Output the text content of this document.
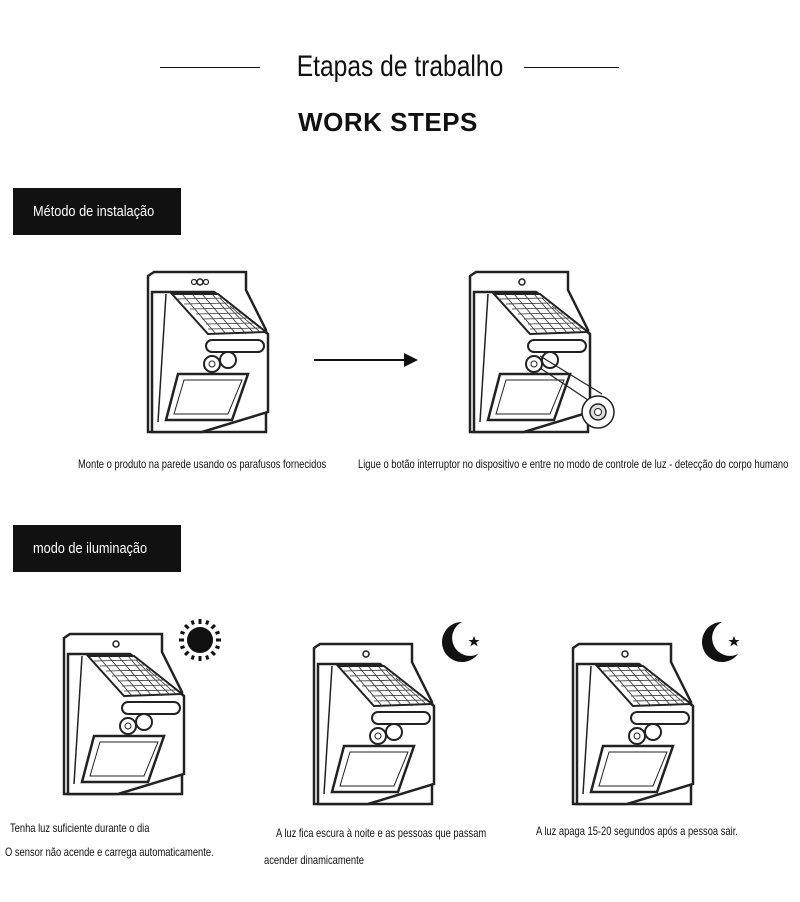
Etapas de trabalho
WORK STEPS
Método de instalação
Monte o produto na parede usando os parafusos fornecidos	Ligue o botão interruptor no dispositivo e entre no modo de controle de luz - detecção do corpo humano
modo de iluminação
Tenha luz suficiente durante o dia
O sensor não acende e carrega automaticamente.
A luz fica escura à noite e as pessoas que passam
acender dinamicamente
A luz apaga 15-20 segundos após a pessoa sair.
